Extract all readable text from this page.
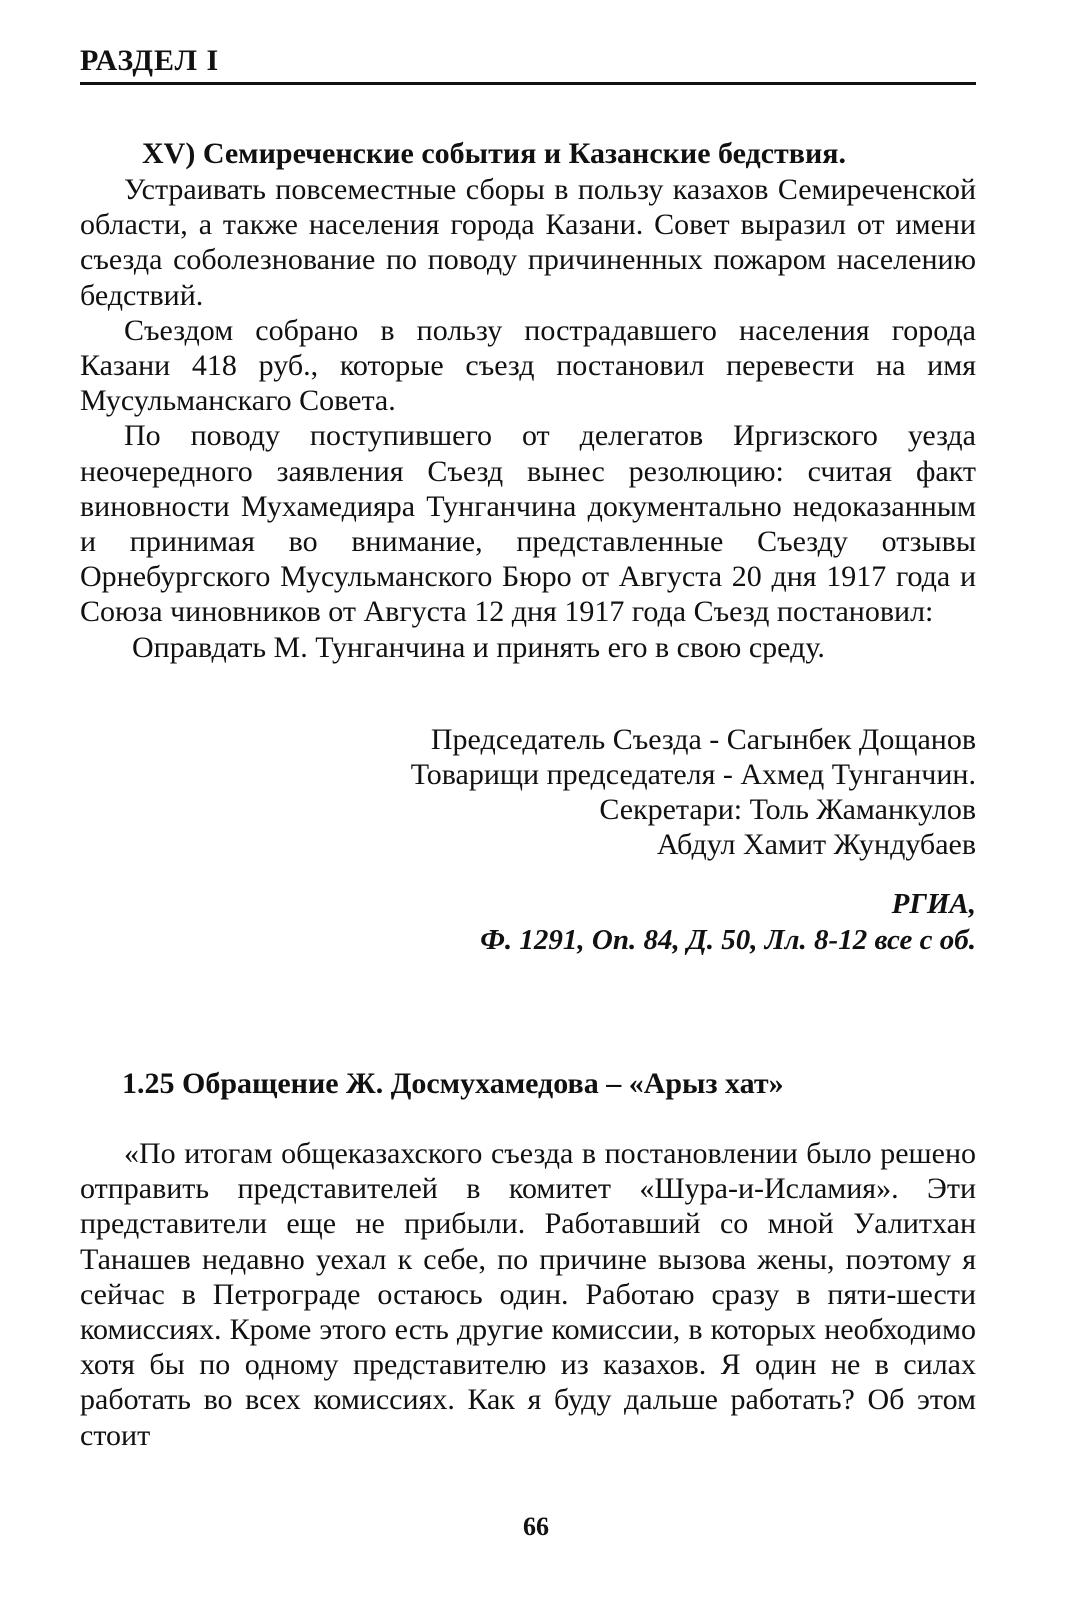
РАЗДЕЛ I
XV) Семиреченские события и Казанские бедствия.

Устраивать повсеместные сборы в пользу казахов Семиреченской области, а также населения города Казани. Совет выразил от имени съезда соболезнование по поводу причиненных пожаром населению бедствий.

Съездом собрано в пользу пострадавшего населения города Казани 418 руб., которые съезд постановил перевести на имя Мусульманскаго Совета.

По поводу поступившего от делегатов Иргизского уезда неочередного заявления Съезд вынес резолюцию: считая факт виновности Мухамедияра Тунганчина документально недоказанным и принимая во внимание, представленные Съезду отзывы Орнебургского Мусульманского Бюро от Августа 20 дня 1917 года и Союза чиновников от Августа 12 дня 1917 года Съезд постановил:

Оправдать М. Тунганчина и принять его в свою среду.
Председатель Съезда - Сагынбек Дощанов
Товарищи председателя - Ахмед Тунганчин.
Секретари: Толь Жаманкулов
Абдул Хамит Жундубаев
РГИА,
Ф. 1291, Оп. 84, Д. 50, Лл. 8-12 все с об.
1.25 Обращение Ж. Досмухамедова – «Арыз хат»

«По итогам общеказахского съезда в постановлении было решено отправить представителей в комитет «Шура-и-Исламия». Эти представители еще не прибыли. Работавший со мной Уалитхан Танашев недавно уехал к себе, по причине вызова жены, поэтому я сейчас в Петрограде остаюсь один. Работаю сразу в пяти-шести комиссиях. Кроме этого есть другие комиссии, в которых необходимо хотя бы по одному представителю из казахов. Я один не в силах работать во всех комиссиях. Как я буду дальше работать? Об этом стоит

66
